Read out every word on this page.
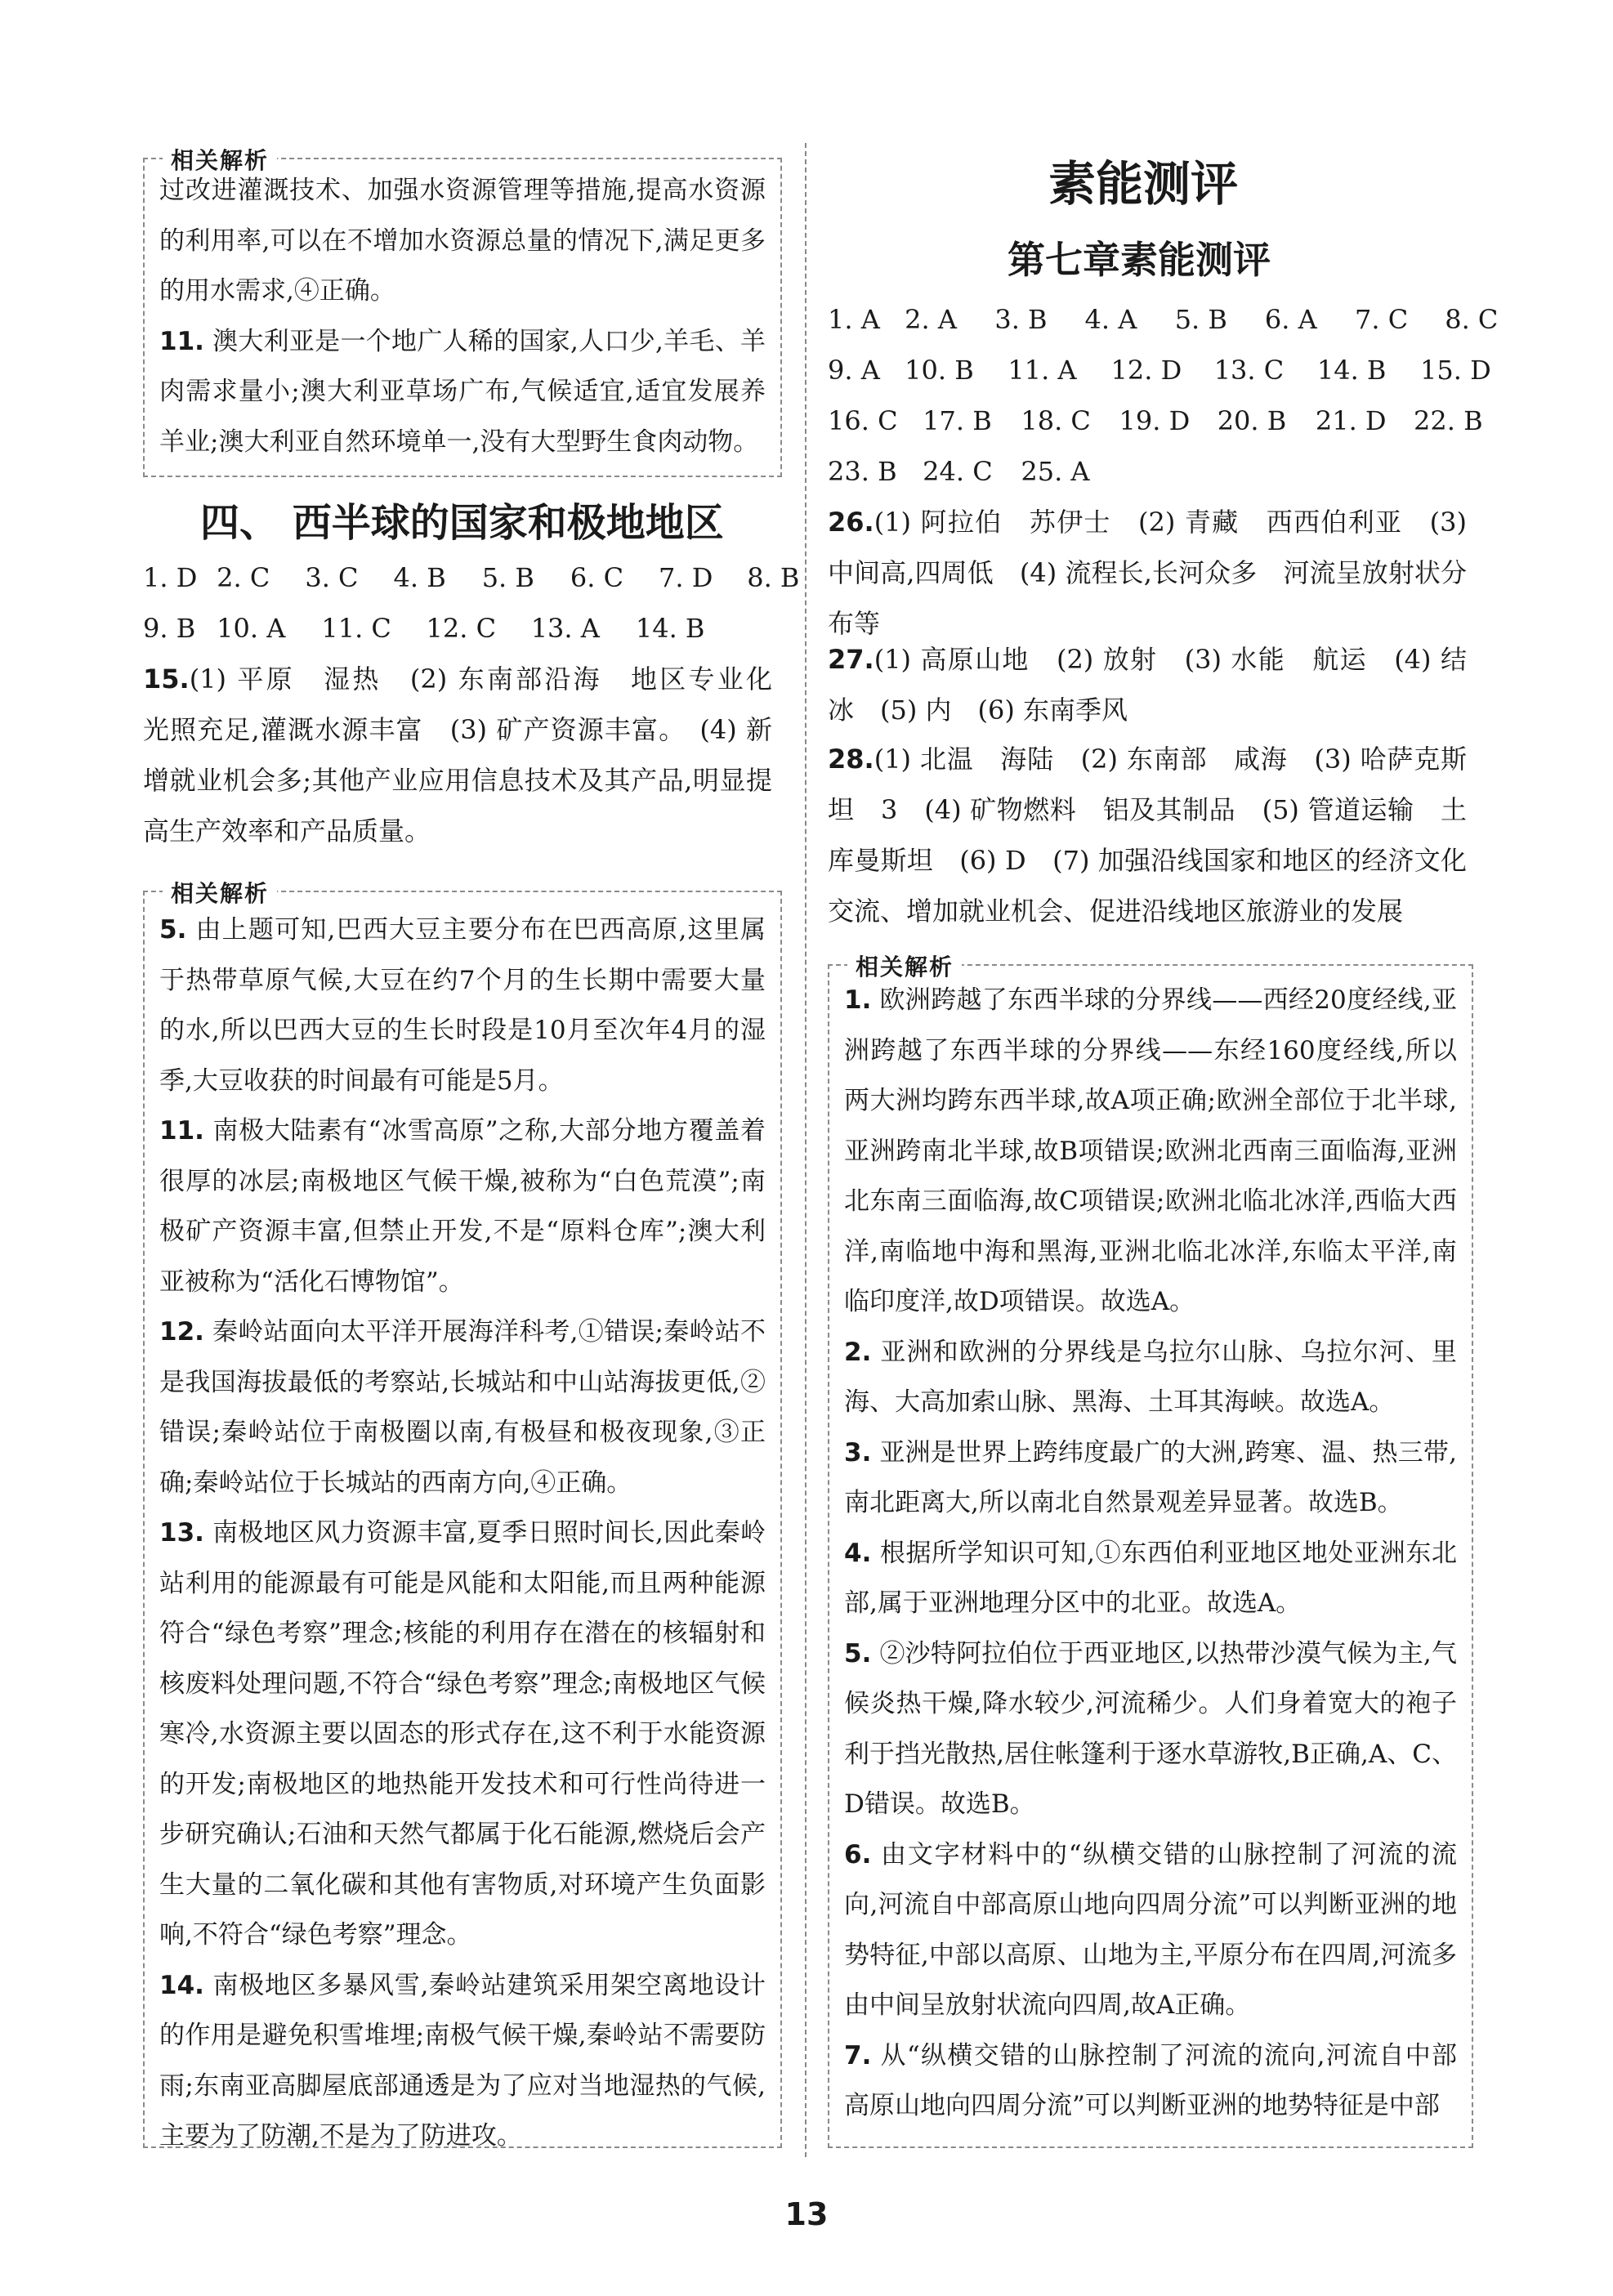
相关解析

过改进灌溉技术、加强水资源管理等措施,提高水资源的利用率,可以在不增加水资源总量的情况下,满足更多的用水需求,④正确。

11. 澳大利亚是一个地广人稀的国家,人口少,羊毛、羊肉需求量小;澳大利亚草场广布,气候适宜,适宜发展养羊业;澳大利亚自然环境单一,没有大型野生食肉动物。

四、 西半球的国家和极地地区
1. D 2. C 3. C 4. B 5. B 6. C 7. D 8. B
9. B 10. A 11. C 12. C 13. A 14. B
15.(1) 平原　湿热　(2) 东南部沿海　地区专业化　光照充足,灌溉水源丰富　(3) 矿产资源丰富。　(4) 新增就业机会多;其他产业应用信息技术及其产品,明显提高生产效率和产品质量。
相关解析

5. 由上题可知,巴西大豆主要分布在巴西高原,这里属于热带草原气候,大豆在约7个月的生长期中需要大量的水,所以巴西大豆的生长时段是10月至次年4月的湿季,大豆收获的时间最有可能是5月。

11. 南极大陆素有“冰雪高原”之称,大部分地方覆盖着很厚的冰层;南极地区气候干燥,被称为“白色荒漠”;南极矿产资源丰富,但禁止开发,不是“原料仓库”;澳大利亚被称为“活化石博物馆”。

12. 秦岭站面向太平洋开展海洋科考,①错误;秦岭站不是我国海拔最低的考察站,长城站和中山站海拔更低,②错误;秦岭站位于南极圈以南,有极昼和极夜现象,③正确;秦岭站位于长城站的西南方向,④正确。

13. 南极地区风力资源丰富,夏季日照时间长,因此秦岭站利用的能源最有可能是风能和太阳能,而且两种能源符合“绿色考察”理念;核能的利用存在潜在的核辐射和核废料处理问题,不符合“绿色考察”理念;南极地区气候寒冷,水资源主要以固态的形式存在,这不利于水能资源的开发;南极地区的地热能开发技术和可行性尚待进一步研究确认;石油和天然气都属于化石能源,燃烧后会产生大量的二氧化碳和其他有害物质,对环境产生负面影响,不符合“绿色考察”理念。

14. 南极地区多暴风雪,秦岭站建筑采用架空离地设计的作用是避免积雪堆埋;南极气候干燥,秦岭站不需要防雨;东南亚高脚屋底部通透是为了应对当地湿热的气候,主要为了防潮,不是为了防进攻。

素能测评
第七章素能测评
1. A 2. A 3. B 4. A 5. B 6. A 7. C 8. C
9. A 10. B 11. A 12. D 13. C 14. B 15. D
16. C 17. B 18. C 19. D 20. B 21. D 22. B
23. B 24. C 25. A
26.(1) 阿拉伯　苏伊士　(2) 青藏　西西伯利亚　(3) 中间高,四周低　(4) 流程长,长河众多　河流呈放射状分布等
27.(1) 高原山地　(2) 放射　(3) 水能　航运　(4) 结冰　(5) 内　(6) 东南季风
28.(1) 北温　海陆　(2) 东南部　咸海　(3) 哈萨克斯坦　3　(4) 矿物燃料　铝及其制品　(5) 管道运输　土库曼斯坦　(6) D　(7) 加强沿线国家和地区的经济文化交流、增加就业机会、促进沿线地区旅游业的发展
相关解析

1. 欧洲跨越了东西半球的分界线——西经20度经线,亚洲跨越了东西半球的分界线——东经160度经线,所以两大洲均跨东西半球,故A项正确;欧洲全部位于北半球,亚洲跨南北半球,故B项错误;欧洲北西南三面临海,亚洲北东南三面临海,故C项错误;欧洲北临北冰洋,西临大西洋,南临地中海和黑海,亚洲北临北冰洋,东临太平洋,南临印度洋,故D项错误。故选A。

2. 亚洲和欧洲的分界线是乌拉尔山脉、乌拉尔河、里海、大高加索山脉、黑海、土耳其海峡。故选A。

3. 亚洲是世界上跨纬度最广的大洲,跨寒、温、热三带,南北距离大,所以南北自然景观差异显著。故选B。

4. 根据所学知识可知,①东西伯利亚地区地处亚洲东北部,属于亚洲地理分区中的北亚。故选A。

5. ②沙特阿拉伯位于西亚地区,以热带沙漠气候为主,气候炎热干燥,降水较少,河流稀少。人们身着宽大的袍子利于挡光散热,居住帐篷利于逐水草游牧,B正确,A、C、D错误。故选B。

6. 由文字材料中的“纵横交错的山脉控制了河流的流向,河流自中部高原山地向四周分流”可以判断亚洲的地势特征,中部以高原、山地为主,平原分布在四周,河流多由中间呈放射状流向四周,故A正确。

7. 从“纵横交错的山脉控制了河流的流向,河流自中部高原山地向四周分流”可以判断亚洲的地势特征是中部

13
